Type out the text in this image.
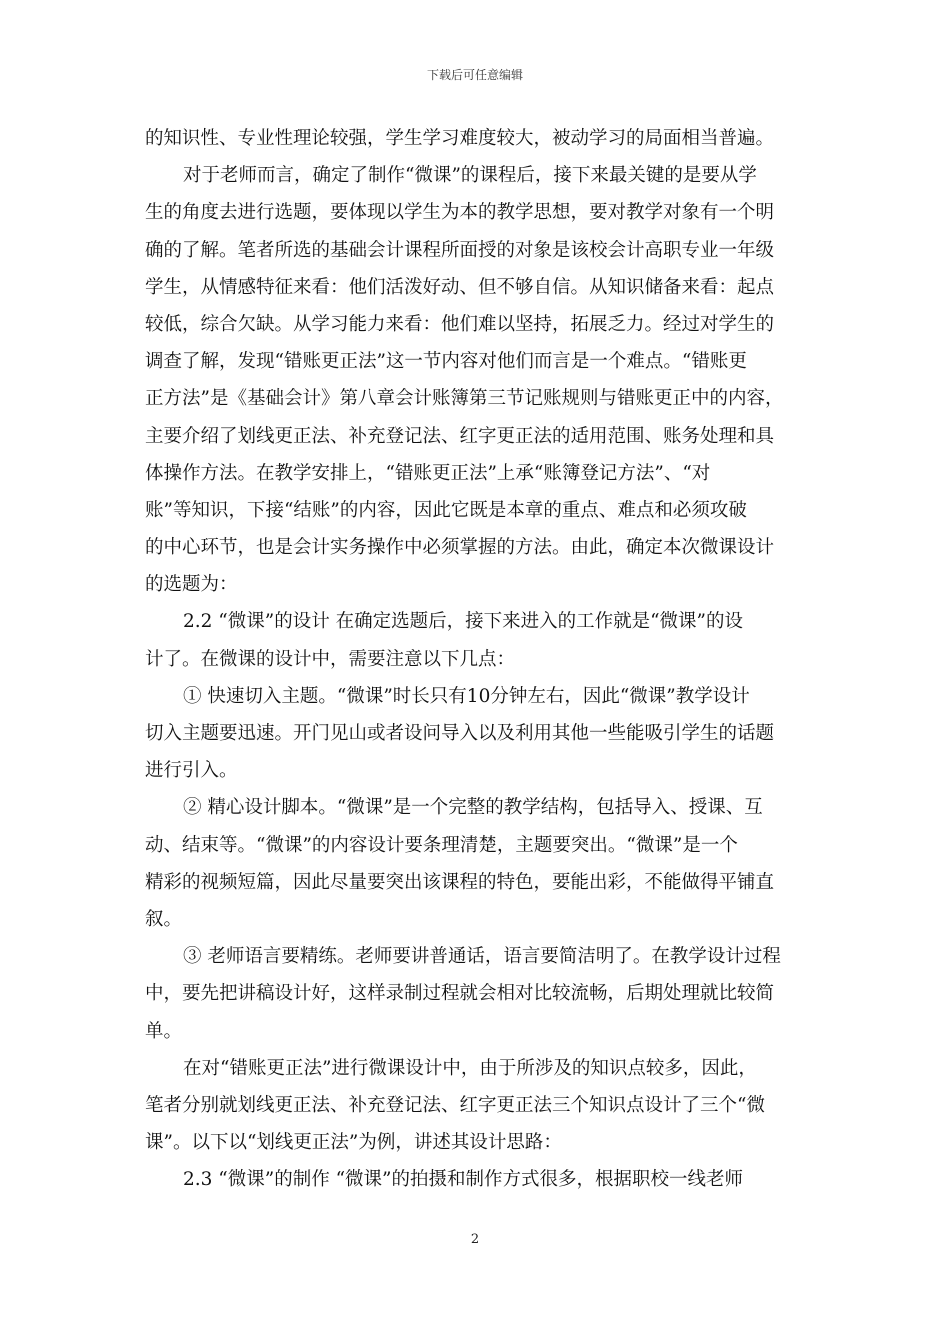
下载后可任意编辑
的知识性、专业性理论较强，学生学习难度较大，被动学习的局面相当普遍。
对于老师而言，确定了制作“微课”的课程后，接下来最关键的是要从学
生的角度去进行选题，要体现以学生为本的教学思想，要对教学对象有一个明
确的了解。笔者所选的基础会计课程所面授的对象是该校会计高职专业一年级
学生，从情感特征来看：他们活泼好动、但不够自信。从知识储备来看：起点
较低，综合欠缺。从学习能力来看：他们难以坚持，拓展乏力。经过对学生的
调查了解，发现“错账更正法”这一节内容对他们而言是一个难点。“错账更
正方法”是《基础会计》第八章会计账簿第三节记账规则与错账更正中的内容，
主要介绍了划线更正法、补充登记法、红字更正法的适用范围、账务处理和具
体操作方法。在教学安排上，“错账更正法”上承“账簿登记方法”、“对
账”等知识，下接“结账”的内容，因此它既是本章的重点、难点和必须攻破
的中心环节，也是会计实务操作中必须掌握的方法。由此，确定本次微课设计
的选题为：
2.2 “微课”的设计 在确定选题后，接下来进入的工作就是“微课”的设
计了。在微课的设计中，需要注意以下几点：
① 快速切入主题。“微课”时长只有10分钟左右，因此“微课”教学设计
切入主题要迅速。开门见山或者设问导入以及利用其他一些能吸引学生的话题
进行引入。
② 精心设计脚本。“微课”是一个完整的教学结构，包括导入、授课、互
动、结束等。“微课”的内容设计要条理清楚，主题要突出。“微课”是一个
精彩的视频短篇，因此尽量要突出该课程的特色，要能出彩，不能做得平铺直
叙。
③ 老师语言要精练。老师要讲普通话，语言要简洁明了。在教学设计过程
中，要先把讲稿设计好，这样录制过程就会相对比较流畅，后期处理就比较简
单。
在对“错账更正法”进行微课设计中，由于所涉及的知识点较多，因此，
笔者分别就划线更正法、补充登记法、红字更正法三个知识点设计了三个“微
课”。以下以“划线更正法”为例，讲述其设计思路：
2.3 “微课”的制作 “微课”的拍摄和制作方式很多，根据职校一线老师
2
